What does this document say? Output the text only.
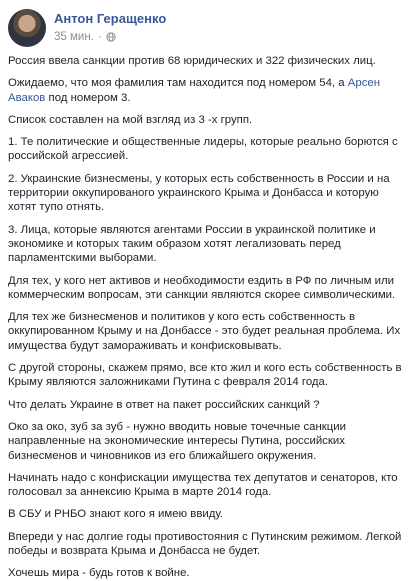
Антон Геращенко
35 мин. ·

Россия ввела санкции против 68 юридических и 322 физических лиц.

Ожидаемо, что моя фамилия там находится под номером 54, а Арсен Аваков под номером 3.

Список составлен на мой взгляд из 3 -х групп.

1. Те политические и общественные лидеры, которые реально борются с российской агрессией.

2. Украинские бизнесмены, у которых есть собственность в России и на территории оккупированого украинского Крыма и Донбасса и которую хотят тупо отнять.

3. Лица, которые являются агентами России в украинской политике и экономике и которых таким образом хотят легализовать перед парламентскими выборами.

Для тех, у кого нет активов и необходимости ездить в РФ по личным или коммерческим вопросам, эти санкции являются скорее символическими.

Для тех же бизнесменов и политиков у кого есть собственность в оккупированном Крыму и на Донбассе - это будет реальная проблема. Их имущества будут замораживать и конфисковывать.

С другой стороны, скажем прямо, все кто жил и кого есть собственность в Крыму являются заложниками Путина с февраля 2014 года.

Что делать Украине в ответ на пакет российских санкций ?

Око за око, зуб за зуб - нужно вводить новые точечные санкции направленные на экономические интересы Путина, российских бизнесменов и чиновников из его ближайшего окружения.

Начинать надо с конфискации имущества тех депутатов и сенаторов, кто голосовал за аннексию Крыма в марте 2014 года.

В СБУ и РНБО знают кого я имею ввиду.

Впереди у нас долгие годы противостояния с Путинским режимом. Легкой победы и возврата Крыма и Донбасса не будет.

Хочешь мира - будь готов к войне.
